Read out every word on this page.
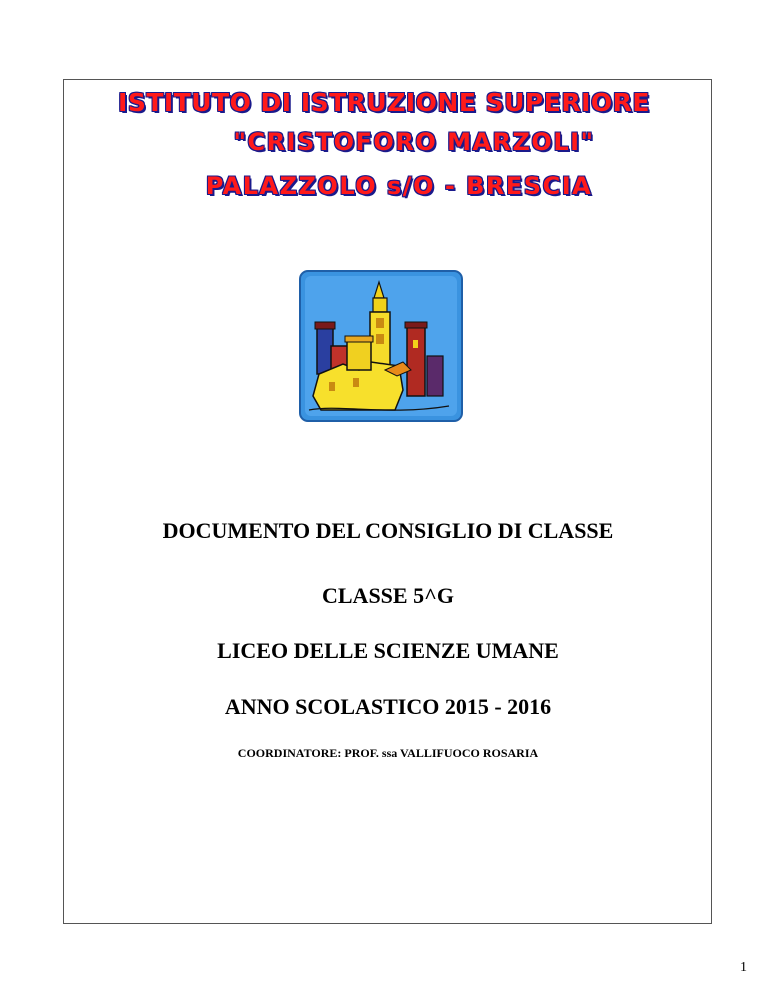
ISTITUTO DI ISTRUZIONE SUPERIORE
"CRISTOFORO MARZOLI"
PALAZZOLO s/O - BRESCIA
DOCUMENTO DEL CONSIGLIO DI CLASSE
CLASSE 5^G
LICEO DELLE SCIENZE UMANE
ANNO SCOLASTICO 2015 - 2016
COORDINATORE: PROF. ssa VALLIFUOCO ROSARIA
1
